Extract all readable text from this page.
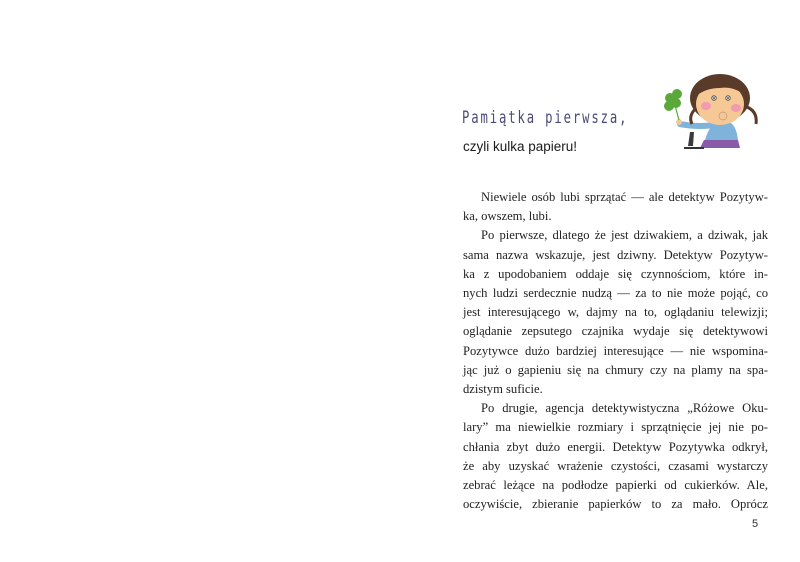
Pamiątka pierwsza,
czyli kulka papieru!

Niewiele osób lubi sprzątać — ale detektyw Pozytyw-
ka, owszem, lubi.

Po pierwsze, dlatego że jest dziwakiem, a dziwak, jak
sama nazwa wskazuje, jest dziwny. Detektyw Pozytyw-
ka z upodobaniem oddaje się czynnościom, które in-
nych ludzi serdecznie nudzą — za to nie może pojąć, co
jest interesującego w, dajmy na to, oglądaniu telewizji;
oglądanie zepsutego czajnika wydaje się detektywowi
Pozytywce dużo bardziej interesujące — nie wspomina-
jąc już o gapieniu się na chmury czy na plamy na spa-
dzistym suficie.

Po drugie, agencja detektywistyczna „Różowe Oku-
lary” ma niewielkie rozmiary i sprzątnięcie jej nie po-
chłania zbyt dużo energii. Detektyw Pozytywka odkrył,
że aby uzyskać wrażenie czystości, czasami wystarczy
zebrać leżące na podłodze papierki od cukierków. Ale,
oczywiście, zbieranie papierków to za mało. Oprócz

5
